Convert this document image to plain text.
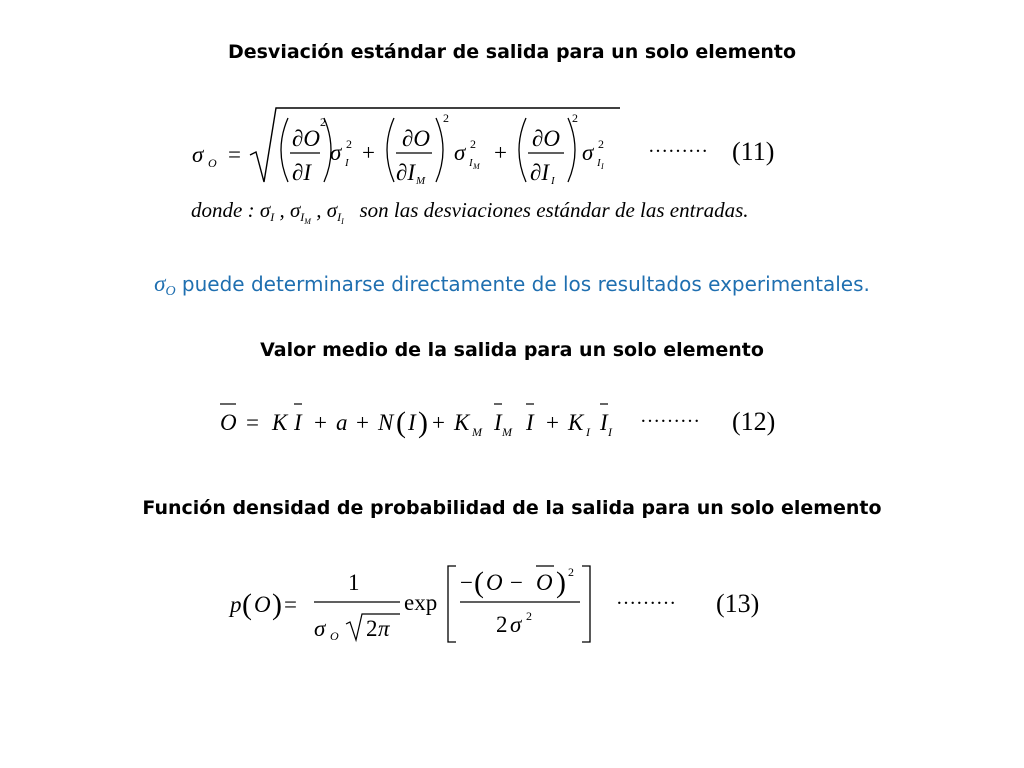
Desviación estándar de salida para un solo elemento
σ O =
∂O
∂I
2
σ 2
I +
∂O
∂I M
2
σ 2
I M
+
∂O
∂I I
2
σ 2
I I
……… (11)
donde : σI , $\sigma I_M$ , $\sigma I_I$ son las desviaciones estándar de las entradas.
$\sigma_O$ puede determinarse directamente de los resultados experimentales.
Valor medio de la salida para un solo elemento
O = K I + a + N ( I ) + K M I M I + K I I I
……… (12)
Función densidad de probabilidad de la salida para un solo elemento
p ( O ) =
1
σ O 2 π
exp
− ( O − O ) 2
2 σ 2
……… (13)
